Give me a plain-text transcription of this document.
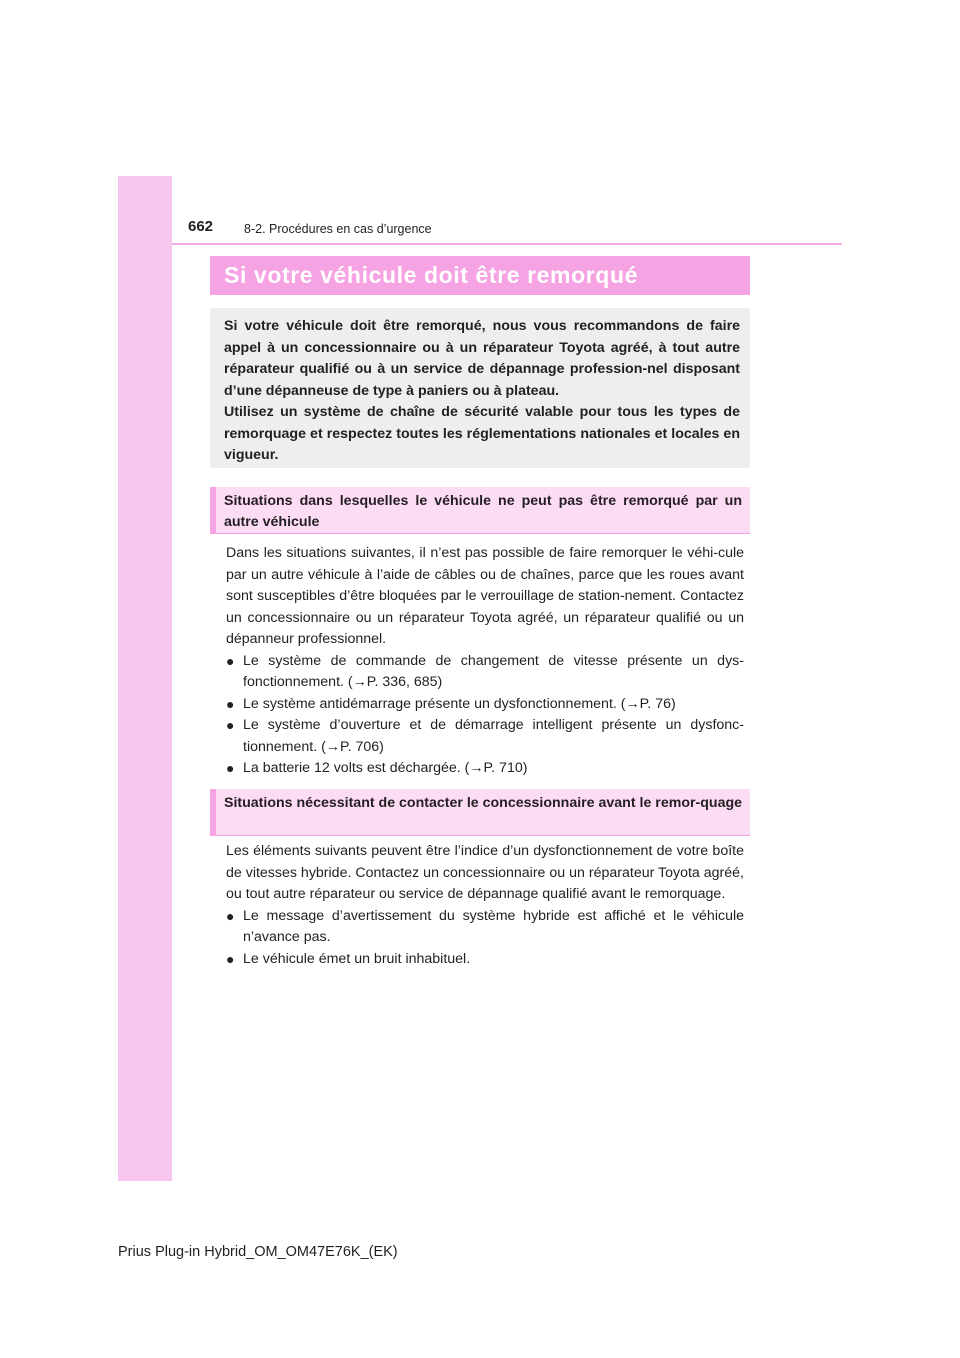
662 8-2. Procédures en cas d’urgence
Si votre véhicule doit être remorqué

Si votre véhicule doit être remorqué, nous vous recommandons de faire appel à un concessionnaire ou à un réparateur Toyota agréé, à tout autre réparateur qualifié ou à un service de dépannage profession-nel disposant d’une dépanneuse de type à paniers ou à plateau.

Utilisez un système de chaîne de sécurité valable pour tous les types de remorquage et respectez toutes les réglementations nationales et locales en vigueur.

Situations dans lesquelles le véhicule ne peut pas être remorqué par un autre véhicule

Dans les situations suivantes, il n’est pas possible de faire remorquer le véhi-cule par un autre véhicule à l’aide de câbles ou de chaînes, parce que les roues avant sont susceptibles d’être bloquées par le verrouillage de station-nement. Contactez un concessionnaire ou un réparateur Toyota agréé, un réparateur qualifié ou un dépanneur professionnel.

● Le système de commande de changement de vitesse présente un dys-fonctionnement. (→P. 336, 685)
● Le système antidémarrage présente un dysfonctionnement. (→P. 76)
● Le système d’ouverture et de démarrage intelligent présente un dysfonc-tionnement. (→P. 706)
● La batterie 12 volts est déchargée. (→P. 710)
Situations nécessitant de contacter le concessionnaire avant le remor-quage

Les éléments suivants peuvent être l’indice d’un dysfonctionnement de votre boîte de vitesses hybride. Contactez un concessionnaire ou un réparateur Toyota agréé, ou tout autre réparateur ou service de dépannage qualifié avant le remorquage.

● Le message d’avertissement du système hybride est affiché et le véhicule n’avance pas.
● Le véhicule émet un bruit inhabituel.
Prius Plug-in Hybrid_OM_OM47E76K_(EK)
